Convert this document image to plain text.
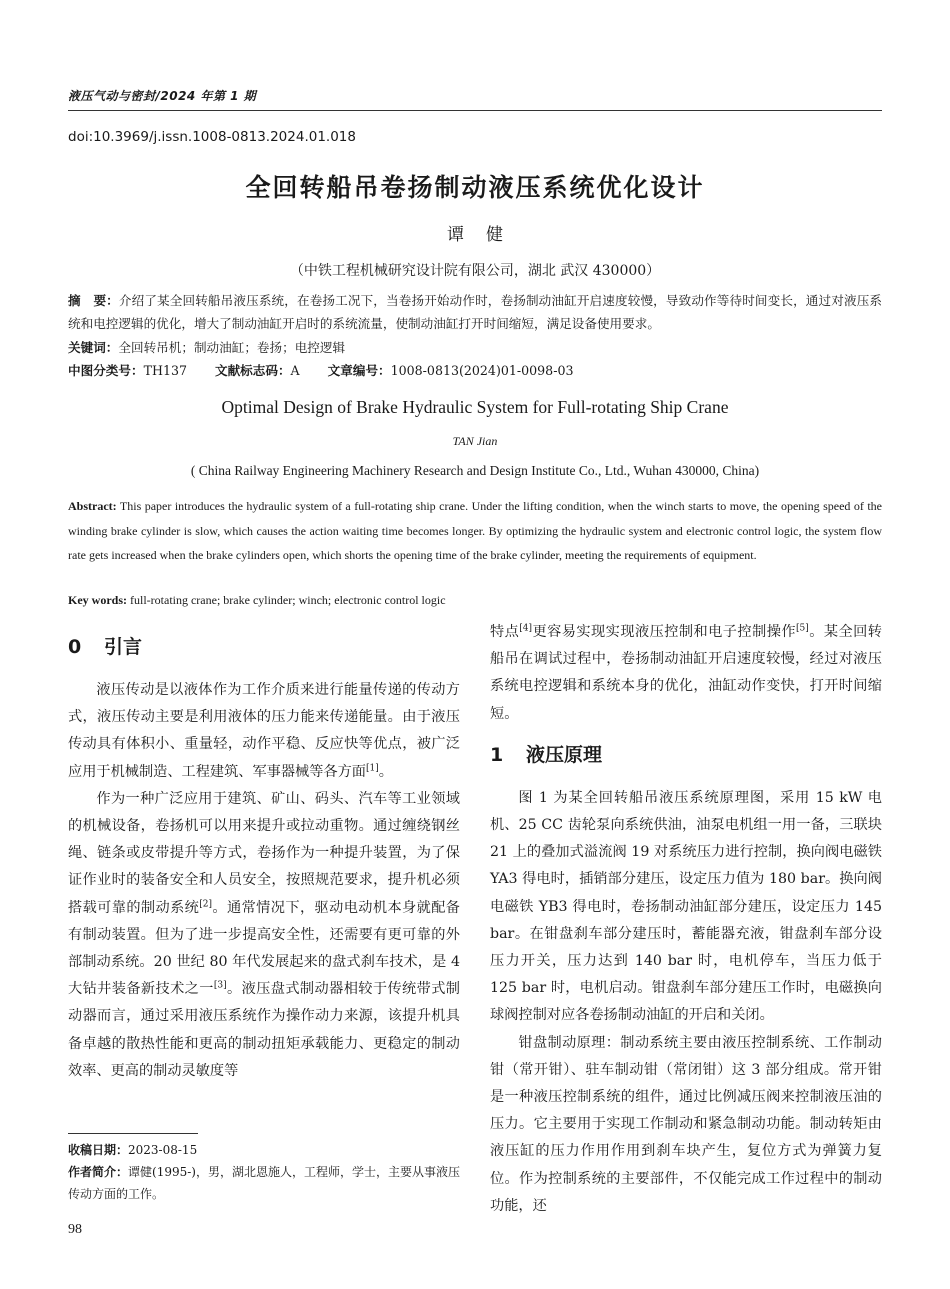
液压气动与密封/2024 年第 1 期
doi:10.3969/j.issn.1008-0813.2024.01.018
全回转船吊卷扬制动液压系统优化设计
谭健
（中铁工程机械研究设计院有限公司，湖北 武汉 430000）
摘　要：介绍了某全回转船吊液压系统，在卷扬工况下，当卷扬开始动作时，卷扬制动油缸开启速度较慢，导致动作等待时间变长，通过对液压系统和电控逻辑的优化，增大了制动油缸开启时的系统流量，使制动油缸打开时间缩短，满足设备使用要求。
关键词：全回转吊机；制动油缸；卷扬；电控逻辑
中图分类号：TH137 文献标志码：A 文章编号：1008-0813(2024)01-0098-03
Optimal Design of Brake Hydraulic System for Full-rotating Ship Crane
TAN Jian
( China Railway Engineering Machinery Research and Design Institute Co., Ltd., Wuhan 430000, China)
Abstract: This paper introduces the hydraulic system of a full-rotating ship crane. Under the lifting condition, when the winch starts to move, the opening speed of the winding brake cylinder is slow, which causes the action waiting time becomes longer. By optimizing the hydraulic system and electronic control logic, the system flow rate gets increased when the brake cylinders open, which shorts the opening time of the brake cylinder, meeting the requirements of equipment.
Key words: full-rotating crane; brake cylinder; winch; electronic control logic
0 引言

液压传动是以液体作为工作介质来进行能量传递的传动方式，液压传动主要是利用液体的压力能来传递能量。由于液压传动具有体积小、重量轻，动作平稳、反应快等优点，被广泛应用于机械制造、工程建筑、军事器械等各方面[1]。

作为一种广泛应用于建筑、矿山、码头、汽车等工业领域的机械设备，卷扬机可以用来提升或拉动重物。通过缠绕钢丝绳、链条或皮带提升等方式，卷扬作为一种提升装置，为了保证作业时的装备安全和人员安全，按照规范要求，提升机必须搭载可靠的制动系统[2]。通常情况下，驱动电动机本身就配备有制动装置。但为了进一步提高安全性，还需要有更可靠的外部制动系统。20 世纪 80 年代发展起来的盘式刹车技术，是 4 大钻井装备新技术之一[3]。液压盘式制动器相较于传统带式制动器而言，通过采用液压系统作为操作动力来源，该提升机具备卓越的散热性能和更高的制动扭矩承载能力、更稳定的制动效率、更高的制动灵敏度等

特点[4]更容易实现实现液压控制和电子控制操作[5]。某全回转船吊在调试过程中，卷扬制动油缸开启速度较慢，经过对液压系统电控逻辑和系统本身的优化，油缸动作变快，打开时间缩短。

1 液压原理

图 1 为某全回转船吊液压系统原理图，采用 15 kW 电机、25 CC 齿轮泵向系统供油，油泵电机组一用一备，三联块 21 上的叠加式溢流阀 19 对系统压力进行控制，换向阀电磁铁 YA3 得电时，插销部分建压，设定压力值为 180 bar。换向阀电磁铁 YB3 得电时，卷扬制动油缸部分建压，设定压力 145 bar。在钳盘刹车部分建压时，蓄能器充液，钳盘刹车部分设压力开关，压力达到 140 bar 时，电机停车，当压力低于 125 bar 时，电机启动。钳盘刹车部分建压工作时，电磁换向球阀控制对应各卷扬制动油缸的开启和关闭。

钳盘制动原理：制动系统主要由液压控制系统、工作制动钳（常开钳）、驻车制动钳（常闭钳）这 3 部分组成。常开钳是一种液压控制系统的组件，通过比例减压阀来控制液压油的压力。它主要用于实现工作制动和紧急制动功能。制动转矩由液压缸的压力作用作用到刹车块产生，复位方式为弹簧力复位。作为控制系统的主要部件，不仅能完成工作过程中的制动功能，还

收稿日期：2023-08-15
作者简介：谭健(1995-)，男，湖北恩施人，工程师，学士，主要从事液压传动方面的工作。
98
